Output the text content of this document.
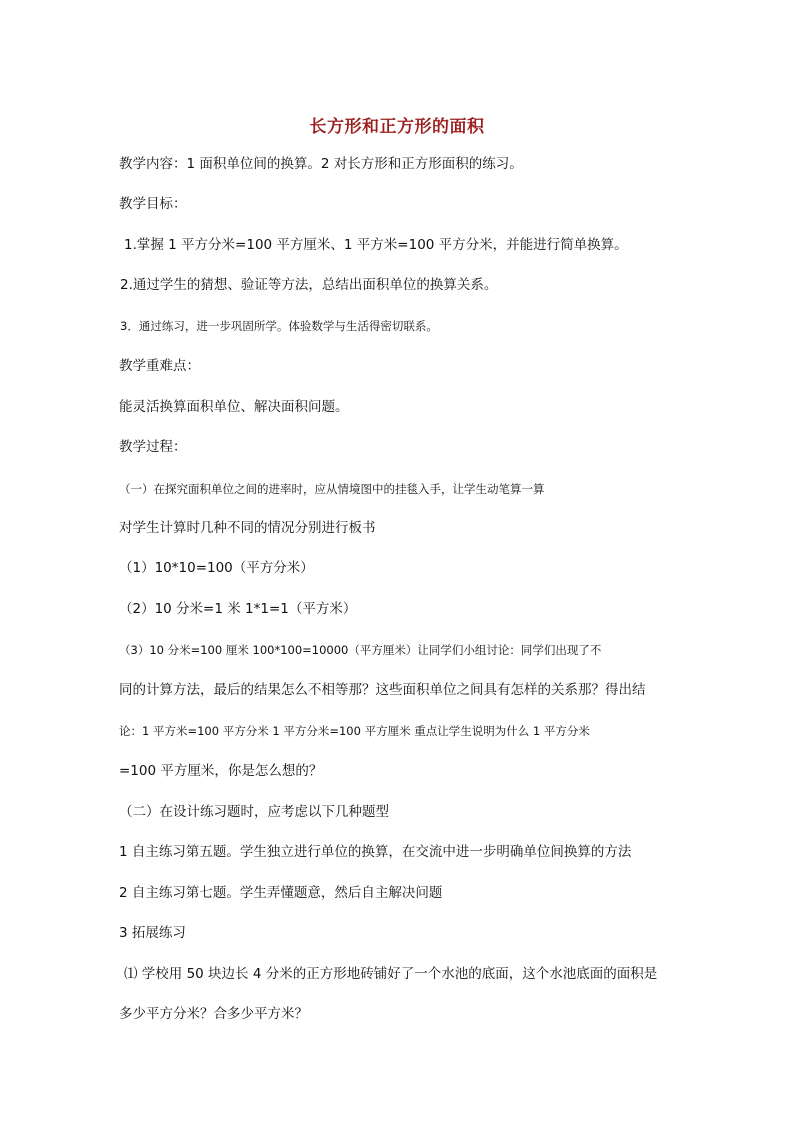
长方形和正方形的面积
教学内容：1 面积单位间的换算。2 对长方形和正方形面积的练习。
教学目标：
1.掌握 1 平方分米=100 平方厘米、1 平方米=100 平方分米，并能进行简单换算。
2.通过学生的猜想、验证等方法，总结出面积单位的换算关系。
3．通过练习，进一步巩固所学。体验数学与生活得密切联系。
教学重难点：
能灵活换算面积单位、解决面积问题。
教学过程：
（一）在探究面积单位之间的进率时，应从情境图中的挂毯入手，让学生动笔算一算
对学生计算时几种不同的情况分别进行板书
（1）10*10=100（平方分米）
（2）10 分米=1 米 1*1=1（平方米）
（3）10 分米=100 厘米 100*100=10000（平方厘米）让同学们小组讨论：同学们出现了不
同的计算方法，最后的结果怎么不相等那？这些面积单位之间具有怎样的关系那？得出结
论：1 平方米=100 平方分米 1 平方分米=100 平方厘米 重点让学生说明为什么 1 平方分米
=100 平方厘米，你是怎么想的？
（二）在设计练习题时，应考虑以下几种题型
1 自主练习第五题。学生独立进行单位的换算，在交流中进一步明确单位间换算的方法
2 自主练习第七题。学生弄懂题意，然后自主解决问题
3 拓展练习
⑴ 学校用 50 块边长 4 分米的正方形地砖铺好了一个水池的底面，这个水池底面的面积是
多少平方分米？合多少平方米？
